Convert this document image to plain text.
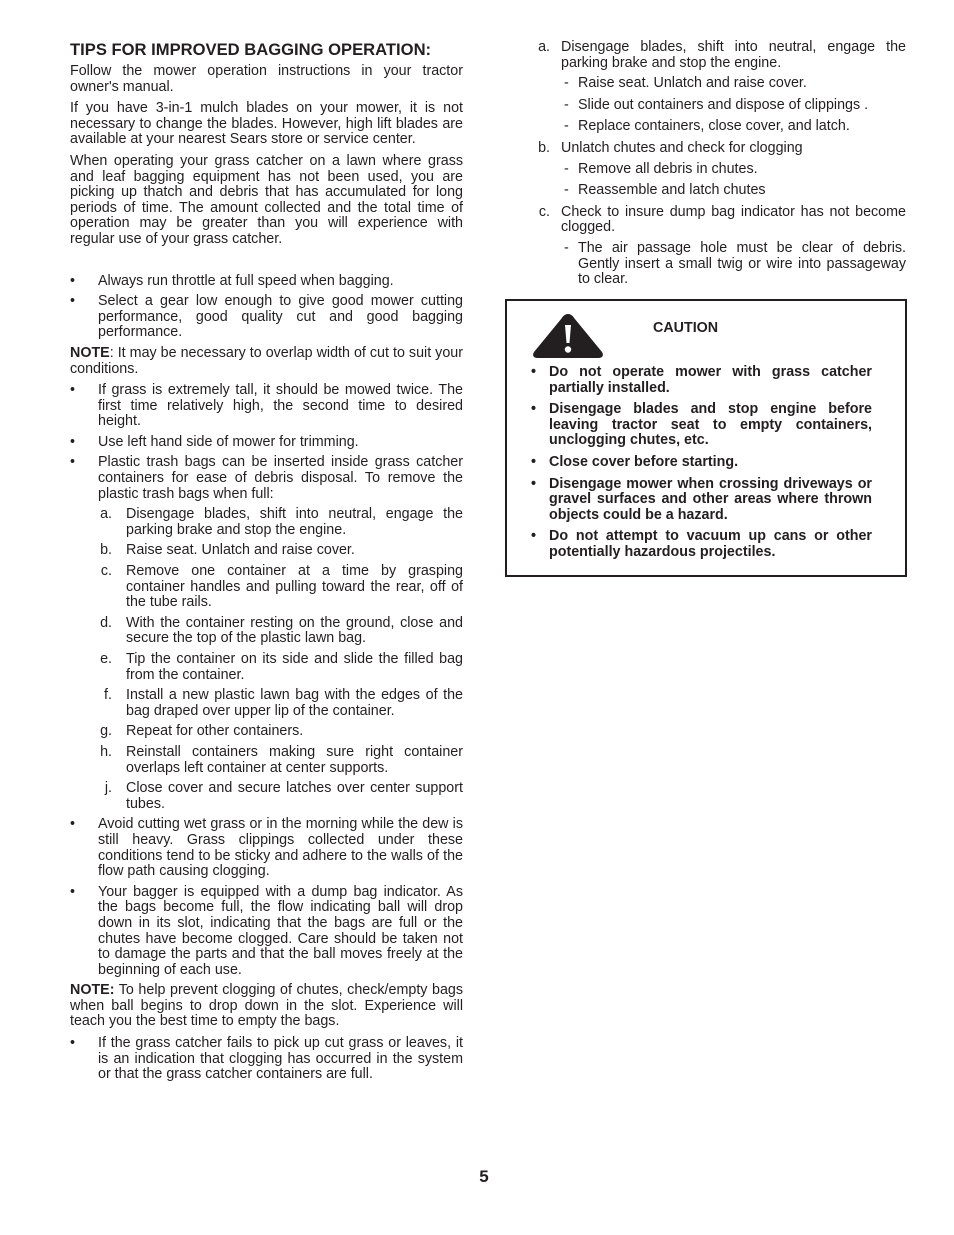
TIPS FOR IMPROVED BAGGING OPERATION:

Follow the mower operation instructions in your tractor owner's manual.

If you have 3-in-1 mulch blades on your mower, it is not necessary to change the blades. However, high lift blades are available at your nearest Sears store or service center.

When operating your grass catcher on a lawn where grass and leaf bagging equipment has not been used, you are picking up thatch and debris that has accumulated for long periods of time. The amount collected and the total time of operation may be greater than you will experience with regular use of your grass catcher.

• Always run throttle at full speed when bagging.
• Select a gear low enough to give good mower cutting performance, good quality cut and good bagging performance.

NOTE: It may be necessary to overlap width of cut to suit your conditions.

• If grass is extremely tall, it should be mowed twice. The first time relatively high, the second time to desired height.
• Use left hand side of mower for trimming.
• Plastic trash bags can be inserted inside grass catcher containers for ease of debris disposal. To remove the plastic trash bags when full:
a. Disengage blades, shift into neutral, engage the parking brake and stop the engine.
b. Raise seat. Unlatch and raise cover.
c. Remove one container at a time by grasping container handles and pulling toward the rear, off of the tube rails.
d. With the container resting on the ground, close and secure the top of the plastic lawn bag.
e. Tip the container on its side and slide the filled bag from the container.
f. Install a new plastic lawn bag with the edges of the bag draped over upper lip of the container.
g. Repeat for other containers.
h. Reinstall containers making sure right container overlaps left container at center supports.
j. Close cover and secure latches over center support tubes.
• Avoid cutting wet grass or in the morning while the dew is still heavy. Grass clippings collected under these conditions tend to be sticky and adhere to the walls of the flow path causing clogging.
• Your bagger is equipped with a dump bag indicator. As the bags become full, the flow indicating ball will drop down in its slot, indicating that the bags are full or the chutes have become clogged. Care should be taken not to damage the parts and that the ball moves freely at the beginning of each use.

NOTE: To help prevent clogging of chutes, check/empty bags when ball begins to drop down in the slot. Experience will teach you the best time to empty the bags.

• If the grass catcher fails to pick up cut grass or leaves, it is an indication that clogging has occurred in the system or that the grass catcher containers are full.
a. Disengage blades, shift into neutral, engage the parking brake and stop the engine.
- Raise seat. Unlatch and raise cover.
- Slide out containers and dispose of clippings .
- Replace containers, close cover, and latch.
b. Unlatch chutes and check for clogging
- Remove all debris in chutes.
- Reassemble and latch chutes
c. Check to insure dump bag indicator has not become clogged.
- The air passage hole must be clear of debris. Gently insert a small twig or wire into passageway to clear.
CAUTION
• Do not operate mower with grass catcher partially installed.
• Disengage blades and stop engine before leaving tractor seat to empty containers, unclogging chutes, etc.
• Close cover before starting.
• Disengage mower when crossing driveways or gravel surfaces and other areas where thrown objects could be a hazard.
• Do not attempt to vacuum up cans or other potentially hazardous projectiles.
5
